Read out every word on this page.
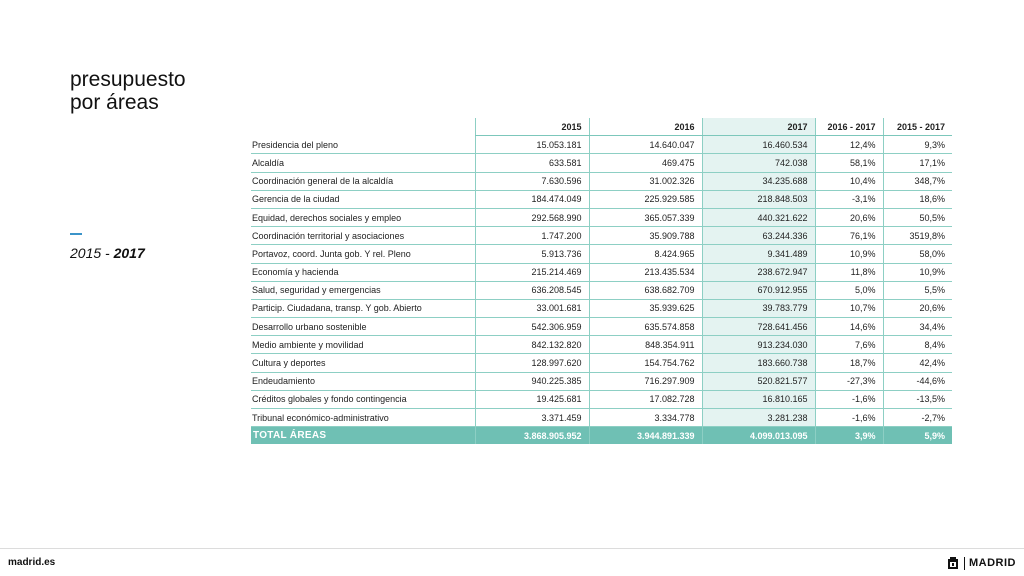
presupuesto
por áreas
2015 - 2017
	2015	2016	2017	2016 - 2017	2015 - 2017
Presidencia del pleno	15.053.181	14.640.047	16.460.534	12,4%	9,3%
Alcaldía	633.581	469.475	742.038	58,1%	17,1%
Coordinación general de la alcaldía	7.630.596	31.002.326	34.235.688	10,4%	348,7%
Gerencia de la ciudad	184.474.049	225.929.585	218.848.503	-3,1%	18,6%
Equidad, derechos sociales y empleo	292.568.990	365.057.339	440.321.622	20,6%	50,5%
Coordinación territorial y asociaciones	1.747.200	35.909.788	63.244.336	76,1%	3519,8%
Portavoz, coord. Junta gob. Y rel. Pleno	5.913.736	8.424.965	9.341.489	10,9%	58,0%
Economía y hacienda	215.214.469	213.435.534	238.672.947	11,8%	10,9%
Salud, seguridad y emergencias	636.208.545	638.682.709	670.912.955	5,0%	5,5%
Particip. Ciudadana, transp. Y gob. Abierto	33.001.681	35.939.625	39.783.779	10,7%	20,6%
Desarrollo urbano sostenible	542.306.959	635.574.858	728.641.456	14,6%	34,4%
Medio ambiente y movilidad	842.132.820	848.354.911	913.234.030	7,6%	8,4%
Cultura y deportes	128.997.620	154.754.762	183.660.738	18,7%	42,4%
Endeudamiento	940.225.385	716.297.909	520.821.577	-27,3%	-44,6%
Créditos globales y fondo contingencia	19.425.681	17.082.728	16.810.165	-1,6%	-13,5%
Tribunal económico-administrativo	3.371.459	3.334.778	3.281.238	-1,6%	-2,7%
TOTAL ÁREAS	3.868.905.952	3.944.891.339	4.099.013.095	3,9%	5,9%
madrid.es	MADRID
